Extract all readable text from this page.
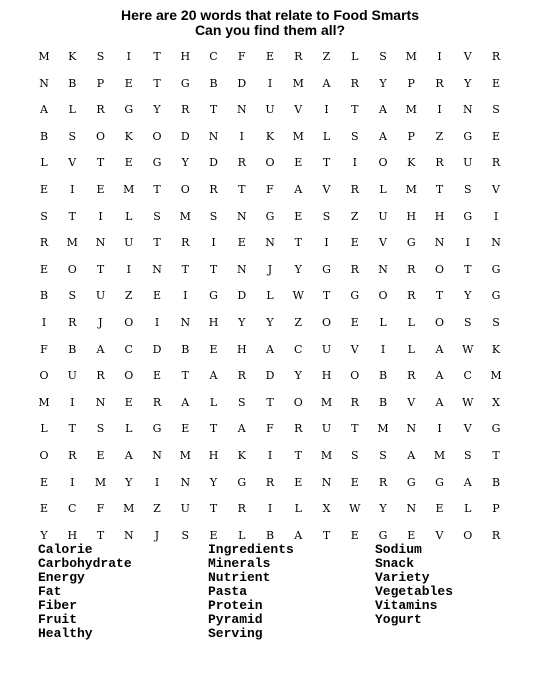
Here are 20 words that relate to Food Smarts
Can you find them all?
M	K	S	I	T	H	C	F	E	R	Z	L	S	M	I	V	R
N	B	P	E	T	G	B	D	I	M	A	R	Y	P	R	Y	E
A	L	R	G	Y	R	T	N	U	V	I	T	A	M	I	N	S
B	S	O	K	O	D	N	I	K	M	L	S	A	P	Z	G	E
L	V	T	E	G	Y	D	R	O	E	T	I	O	K	R	U	R
E	I	E	M	T	O	R	T	F	A	V	R	L	M	T	S	V
S	T	I	L	S	M	S	N	G	E	S	Z	U	H	H	G	I
R	M	N	U	T	R	I	E	N	T	I	E	V	G	N	I	N
E	O	T	I	N	T	T	N	J	Y	G	R	N	R	O	T	G
B	S	U	Z	E	I	G	D	L	W	T	G	O	R	T	Y	G
I	R	J	O	I	N	H	Y	Y	Z	O	E	L	L	O	S	S
F	B	A	C	D	B	E	H	A	C	U	V	I	L	A	W	K
O	U	R	O	E	T	A	R	D	Y	H	O	B	R	A	C	M
M	I	N	E	R	A	L	S	T	O	M	R	B	V	A	W	X
L	T	S	L	G	E	T	A	F	R	U	T	M	N	I	V	G
O	R	E	A	N	M	H	K	I	T	M	S	S	A	M	S	T
E	I	M	Y	I	N	Y	G	R	E	N	E	R	G	G	A	B
E	C	F	M	Z	U	T	R	I	L	X	W	Y	N	E	L	P
Y	H	T	N	J	S	E	L	B	A	T	E	G	E	V	O	R
Calorie
Carbohydrate
Energy
Fat
Fiber
Fruit
Healthy
Ingredients
Minerals
Nutrient
Pasta
Protein
Pyramid
Serving
Sodium
Snack
Variety
Vegetables
Vitamins
Yogurt
